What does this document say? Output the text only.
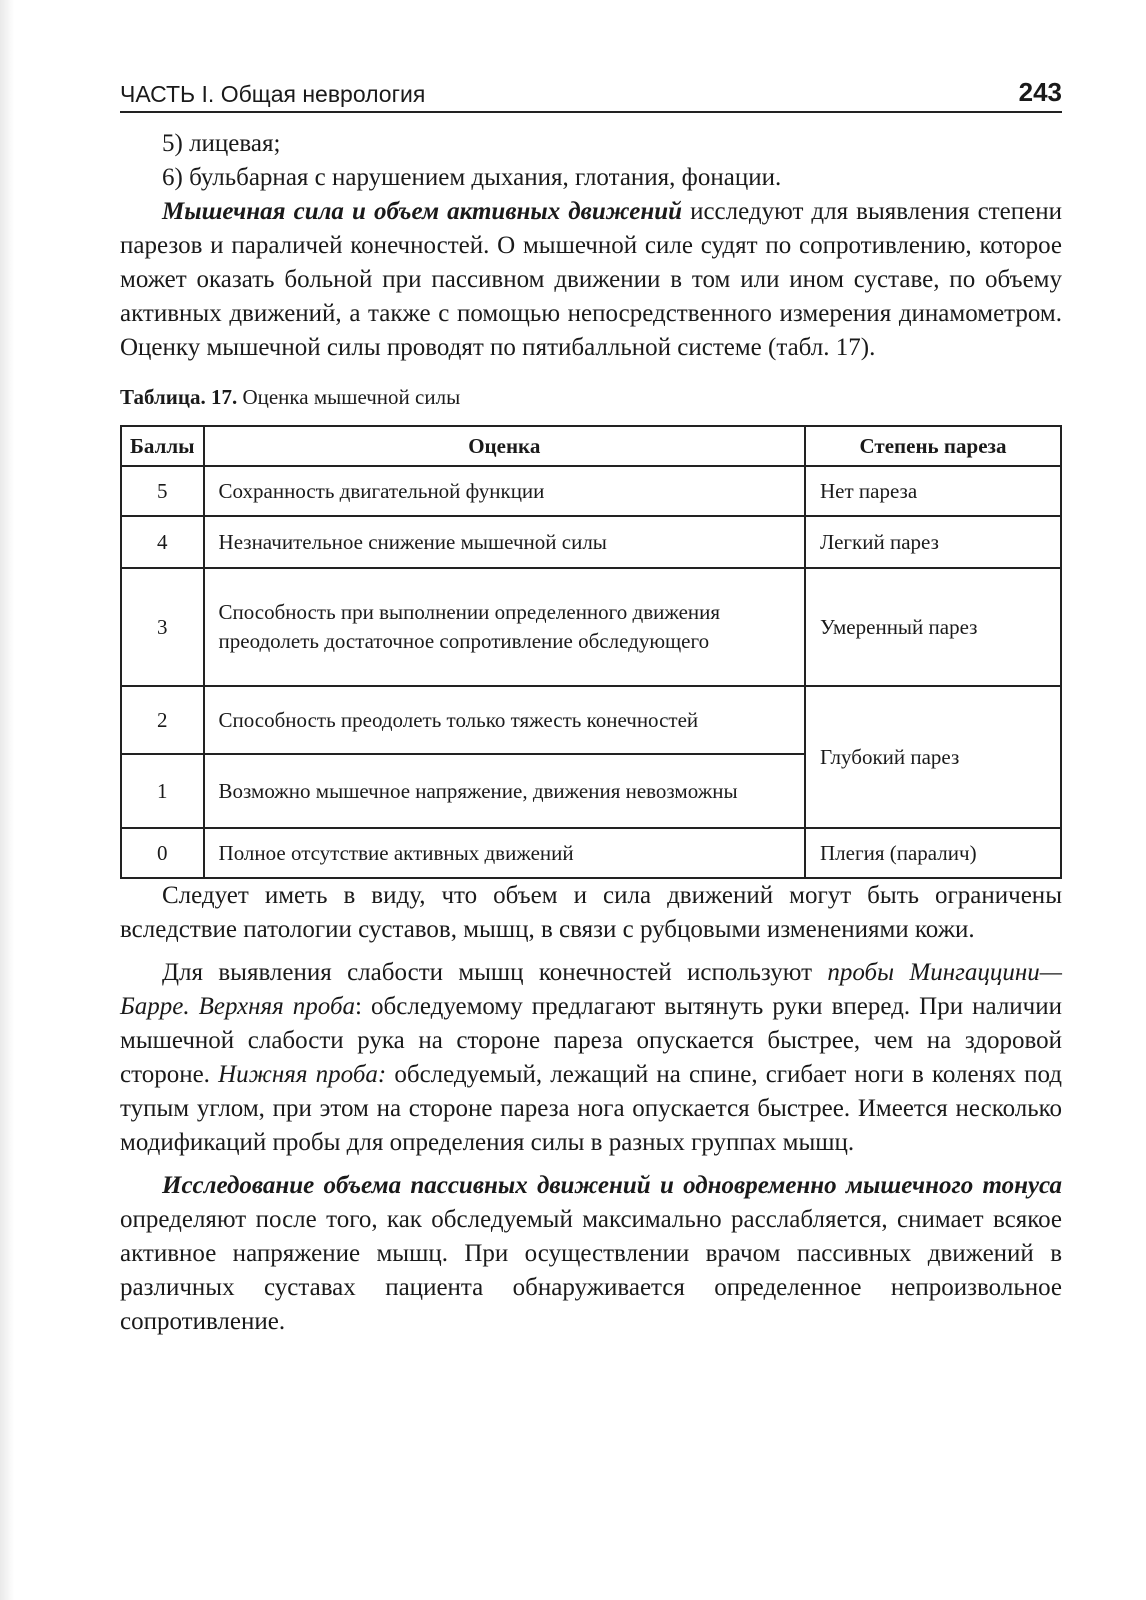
ЧАСТЬ I. Общая неврология	243
5) лицевая;
6) бульбарная с нарушением дыхания, глотания, фонации.

Мышечная сила и объем активных движений исследуют для выявления степени парезов и параличей конечностей. О мышечной силе судят по сопротивлению, которое может оказать больной при пассивном движении в том или ином суставе, по объему активных движений, а также с помощью непосредственного измерения динамометром. Оценку мышечной силы проводят по пятибалльной системе (табл. 17).

Таблица. 17. Оценка мышечной силы
Баллы	Оценка	Степень пареза
5	Сохранность двигательной функции	Нет пареза
4	Незначительное снижение мышечной силы	Легкий парез
3	Способность при выполнении определенного движения преодолеть достаточное сопротивление обследующего	Умеренный парез
2	Способность преодолеть только тяжесть конечностей	Глубокий парез
1	Возможно мышечное напряжение, движения невозможны	
0	Полное отсутствие активных движений	Плегия (паралич)

Следует иметь в виду, что объем и сила движений могут быть ограничены вследствие патологии суставов, мышц, в связи с рубцовыми изменениями кожи.

Для выявления слабости мышц конечностей используют пробы Мингаццини—Барре. Верхняя проба: обследуемому предлагают вытянуть руки вперед. При наличии мышечной слабости рука на стороне пареза опускается быстрее, чем на здоровой стороне. Нижняя проба: обследуемый, лежащий на спине, сгибает ноги в коленях под тупым углом, при этом на стороне пареза нога опускается быстрее. Имеется несколько модификаций пробы для определения силы в разных группах мышц.

Исследование объема пассивных движений и одновременно мышечного тонуса определяют после того, как обследуемый максимально расслабляется, снимает всякое активное напряжение мышц. При осуществлении врачом пассивных движений в различных суставах пациента обнаруживается определенное непроизвольное сопротивление.
